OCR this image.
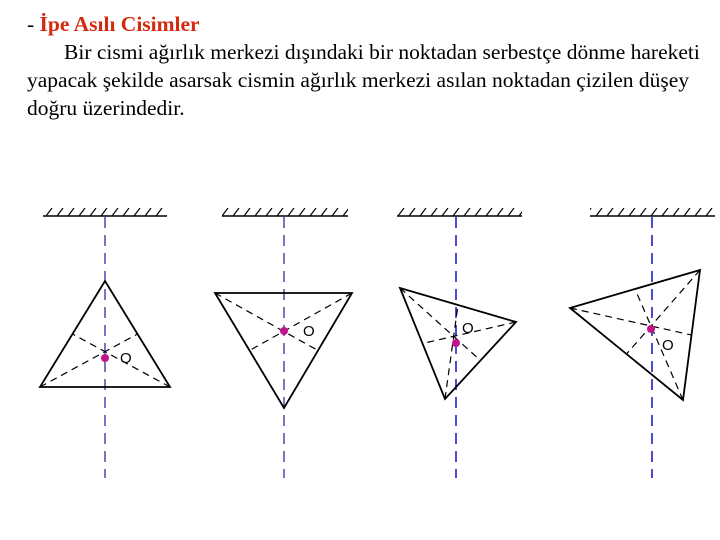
- İpe Asılı Cisimler

Bir cismi ağırlık merkezi dışındaki bir noktadan serbestçe dönme hareketi yapacak şekilde asarsak cismin ağırlık merkezi asılan noktadan çizilen düşey doğru üzerindedir.

O
O	O
O
